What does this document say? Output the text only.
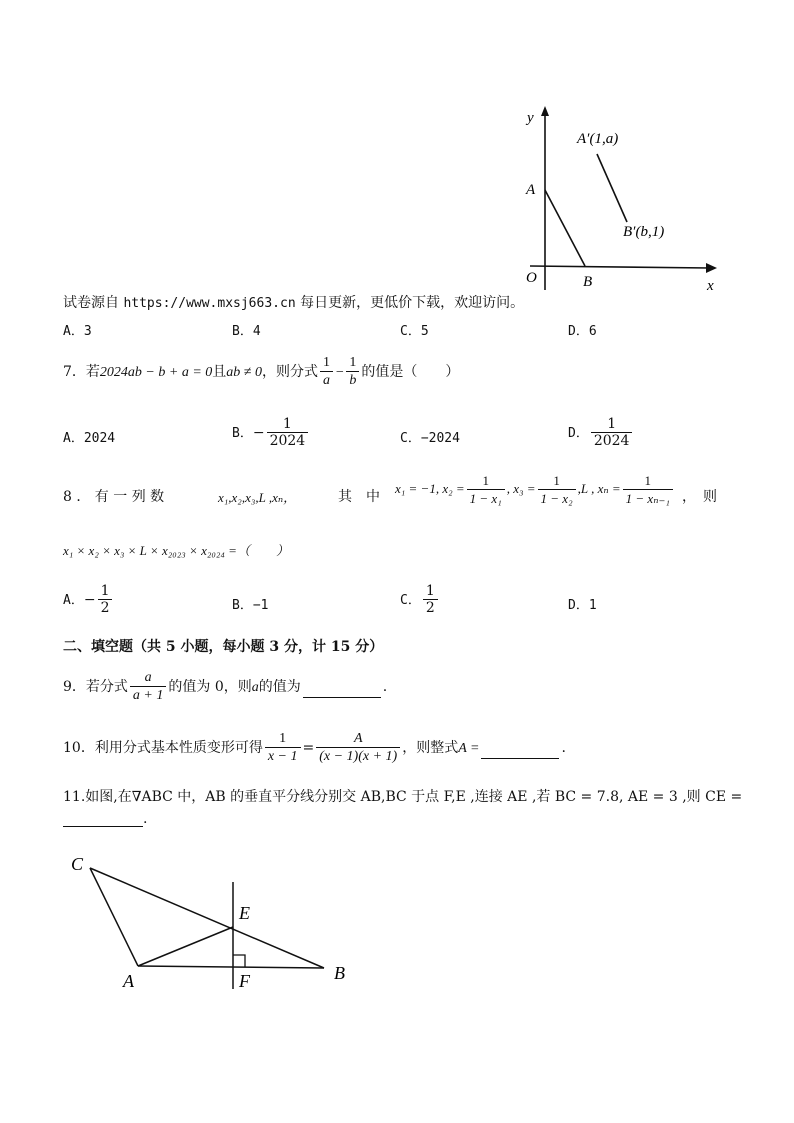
y
x
O
A
B
A′(1,a)
B′(b,1)
试卷源自 https://www.mxsj663.cn 每日更新，更低价下载，欢迎访问。
A．3	B．4	C．5	D．6
7．若2024ab − b + a = 0且ab ≠ 0，则分式 $\frac{1}{a} - \frac{1}{b}$ 的值是（　　）
A．2024	B．− $\frac{1}{2024}$	C．−2024	D． $\frac{1}{2024}$
8 ． 有 一 列 数	x₁,x₂,x₃,L ,xₙ，	其　中
x₁ = −1, $x_2 = \frac{1}{\text{1 − x₁}}$ , $x_3 = \frac{1}{\text{1 − x₂}} ,L$ , $x_n = \frac{1}{\text{1 − xₙ₋₁}}$ ，　则
x₁ × x₂ × x₃ × L × x₂₀₂₃ × x₂₀₂₄ =（　　）
A．− $\frac{1}{2}$	B．−1	C． $\frac{1}{2}$	D．1
二、填空题（共 5 小题，每小题 3 分，计 15 分）
9．若分式 $\frac{a}{a + 1}$ 的值为 0，则a的值为	.
10．利用分式基本性质变形可得 $\frac{1}{x - 1} = \frac{A}{(x - 1)(x + 1)}$ ，则整式A =	.
11.如图,在∇ABC 中，AB 的垂直平分线分别交 AB,BC 于点 F,E ,连接 AE ,若 BC = 7.8, AE = 3 ,则 CE =
.
C
E
A	F	B
